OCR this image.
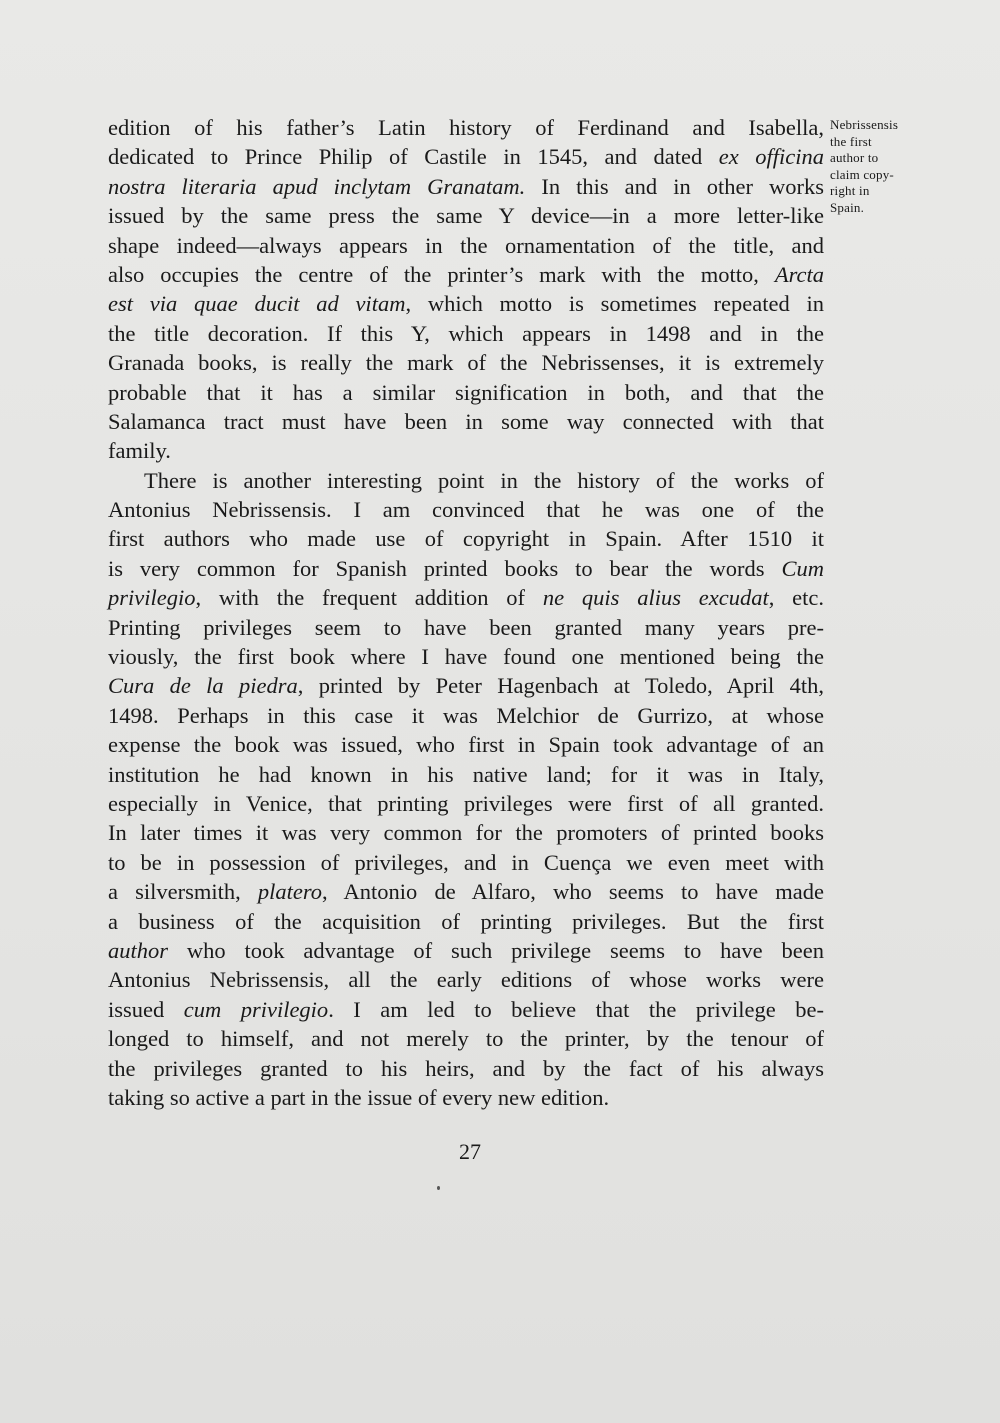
Nebrissensis
the first
author to
claim copy-
right in
Spain.
edition of his father’s Latin history of Ferdinand and Isabella,
dedicated to Prince Philip of Castile in 1545, and dated ex officina
nostra literaria apud inclytam Granatam. In this and in other works
issued by the same press the same Y device—in a more letter-like
shape indeed—always appears in the ornamentation of the title, and
also occupies the centre of the printer’s mark with the motto, Arcta
est via quae ducit ad vitam, which motto is sometimes repeated in
the title decoration. If this Y, which appears in 1498 and in the
Granada books, is really the mark of the Nebrissenses, it is extremely
probable that it has a similar signification in both, and that the
Salamanca tract must have been in some way connected with that
family.
There is another interesting point in the history of the works of
Antonius Nebrissensis. I am convinced that he was one of the
first authors who made use of copyright in Spain. After 1510 it
is very common for Spanish printed books to bear the words Cum
privilegio, with the frequent addition of ne quis alius excudat, etc.
Printing privileges seem to have been granted many years pre-
viously, the first book where I have found one mentioned being the
Cura de la piedra, printed by Peter Hagenbach at Toledo, April 4th,
1498. Perhaps in this case it was Melchior de Gurrizo, at whose
expense the book was issued, who first in Spain took advantage of an
institution he had known in his native land; for it was in Italy,
especially in Venice, that printing privileges were first of all granted.
In later times it was very common for the promoters of printed books
to be in possession of privileges, and in Cuença we even meet with
a silversmith, platero, Antonio de Alfaro, who seems to have made
a business of the acquisition of printing privileges. But the first
author who took advantage of such privilege seems to have been
Antonius Nebrissensis, all the early editions of whose works were
issued cum privilegio. I am led to believe that the privilege be-
longed to himself, and not merely to the printer, by the tenour of
the privileges granted to his heirs, and by the fact of his always
taking so active a part in the issue of every new edition.
27
